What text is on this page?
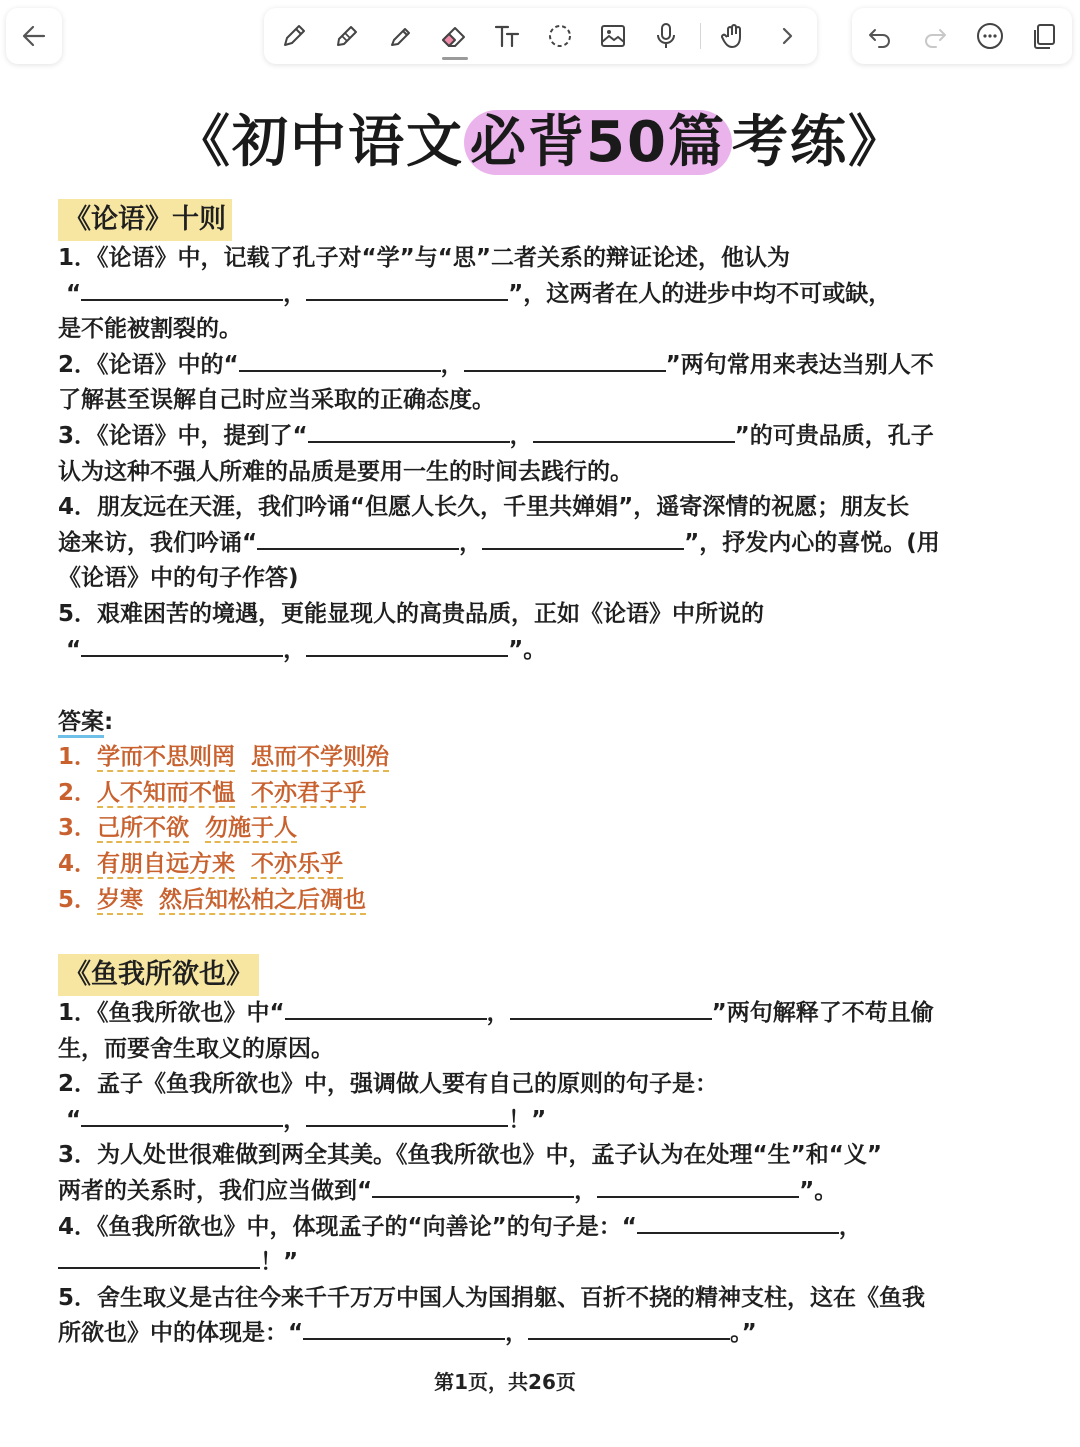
《初中语文 必背50篇 考练》
《论语》十则
1．《论语》中，记载了孔子对“学”与“思”二者关系的辩证论述，他认为
“	，	”，这两者在人的进步中均不可或缺，
是不能被割裂的。
2．《论语》中的“	，	”两句常用来表达当别人不
了解甚至误解自己时应当采取的正确态度。
3．《论语》中，提到了“	，	”的可贵品质，孔子
认为这种不强人所难的品质是要用一生的时间去践行的。
4．朋友远在天涯，我们吟诵“但愿人长久，千里共婵娟”，遥寄深情的祝愿；朋友长
途来访，我们吟诵“	，	”，抒发内心的喜悦。(用
《论语》中的句子作答)
5．艰难困苦的境遇，更能显现人的高贵品质，正如《论语》中所说的
“	，	”。
答案:
1．学而不思则罔 思而不学则殆
2．人不知而不愠 不亦君子乎
3．己所不欲 勿施于人
4．有朋自远方来 不亦乐乎
5．岁寒 然后知松柏之后凋也
《鱼我所欲也》
1．《鱼我所欲也》中“	，	”两句解释了不苟且偷
生，而要舍生取义的原因。
2．孟子《鱼我所欲也》中，强调做人要有自己的原则的句子是：
“	，	！”
3．为人处世很难做到两全其美。《鱼我所欲也》中，孟子认为在处理“生”和“义”
两者的关系时，我们应当做到“	，	”。
4．《鱼我所欲也》中，体现孟子的“向善论”的句子是：“	，
！”
5．舍生取义是古往今来千千万万中国人为国捐躯、百折不挠的精神支柱，这在《鱼我
所欲也》中的体现是：“	，	。”
第1页，共26页
